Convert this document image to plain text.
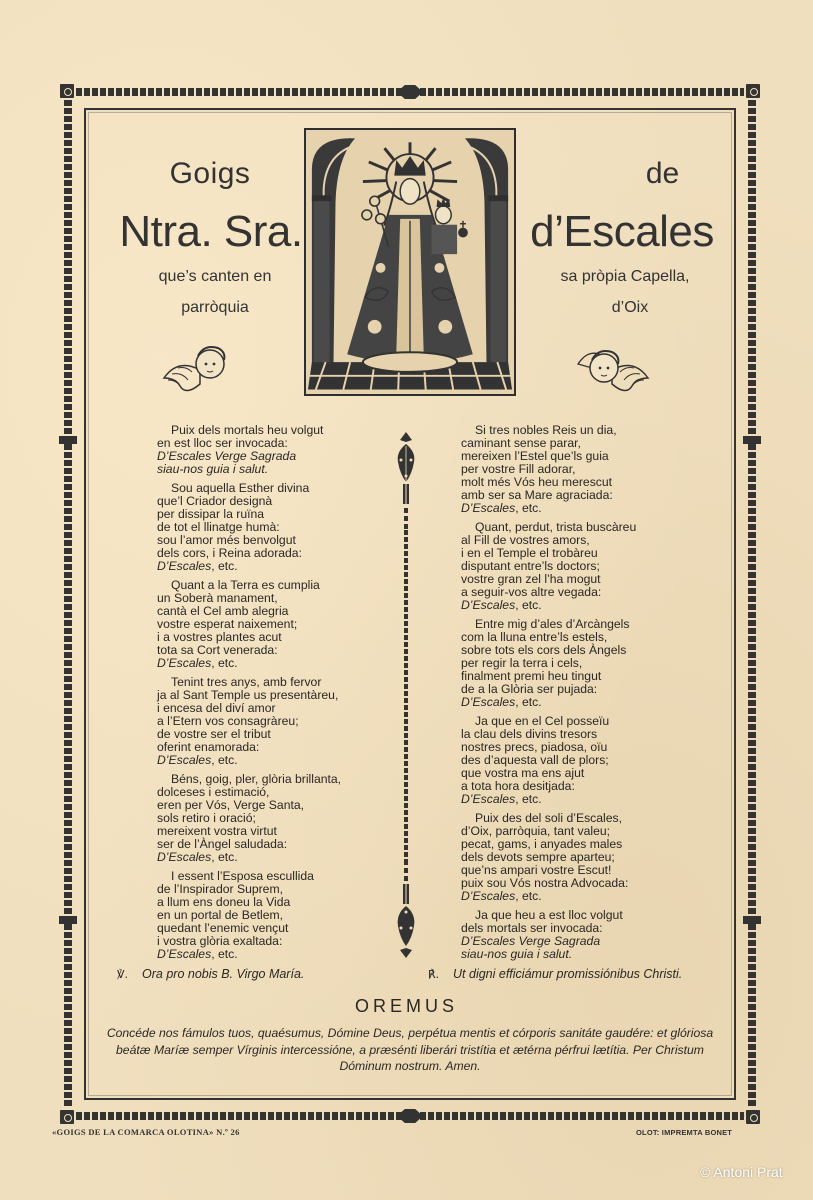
Goigs	de
Ntra. Sra.	d’Escales
que’s canten en	sa pròpia Capella,
parròquia	d’Oix
Puix dels mortals heu volgut
en est lloc ser invocada:
D’Escales Verge Sagrada
siau-nos guia i salut.
Sou aquella Esther divina
que’l Criador designà
per dissipar la ruïna
de tot el llinatge humà:
sou l’amor més benvolgut
dels cors, i Reina adorada:
D’Escales, etc.
Quant a la Terra es cumplia
un Soberà manament,
cantà el Cel amb alegria
vostre esperat naixement;
i a vostres plantes acut
tota sa Cort venerada:
D’Escales, etc.
Tenint tres anys, amb fervor
ja al Sant Temple us presentàreu,
i encesa del diví amor
a l’Etern vos consagràreu;
de vostre ser el tribut
oferint enamorada:
D’Escales, etc.
Béns, goig, pler, glòria brillanta,
dolceses i estimació,
eren per Vós, Verge Santa,
sols retiro i oració;
mereixent vostra virtut
ser de l’Àngel saludada:
D’Escales, etc.
I essent l’Esposa escullida
de l’Inspirador Suprem,
a llum ens doneu la Vida
en un portal de Betlem,
quedant l’enemic vençut
i vostra glòria exaltada:
D’Escales, etc.
Si tres nobles Reis un dia,
caminant sense parar,
mereixen l’Estel que’ls guia
per vostre Fill adorar,
molt més Vós heu merescut
amb ser sa Mare agraciada:
D’Escales, etc.
Quant, perdut, trista buscàreu
al Fill de vostres amors,
i en el Temple el trobàreu
disputant entre’ls doctors;
vostre gran zel l’ha mogut
a seguir-vos altre vegada:
D’Escales, etc.
Entre mig d’ales d’Arcàngels
com la lluna entre’ls estels,
sobre tots els cors dels Àngels
per regir la terra i cels,
finalment premi heu tingut
de a la Glòria ser pujada:
D’Escales, etc.
Ja que en el Cel posseïu
la clau dels divins tresors
nostres precs, piadosa, oïu
des d’aquesta vall de plors;
que vostra ma ens ajut
a tota hora desitjada:
D’Escales, etc.
Puix des del soli d’Escales,
d’Oix, parròquia, tant valeu;
pecat, gams, i anyades males
dels devots sempre aparteu;
que’ns ampari vostre Escut!
puix sou Vós nostra Advocada:
D’Escales, etc.
Ja que heu a est lloc volgut
dels mortals ser invocada:
D’Escales Verge Sagrada
siau-nos guia i salut.
℣. Ora pro nobis B. Virgo María.	℟. Ut digni efficiámur promissiónibus Christi.
OREMUS
Concéde nos fámulos tuos, quaésumus, Dómine Deus, perpétua mentis et córporis sanitáte gaudére: et glóriosa beátæ Maríæ semper Vírginis intercessióne, a præsénti liberári tristítia et ætérna pérfrui lætítia. Per Christum Dóminum nostrum. Amen.
«GOIGS DE LA COMARCA OLOTINA» N.º 26	OLOT: IMPREMTA BONET
© Antoni Prat
